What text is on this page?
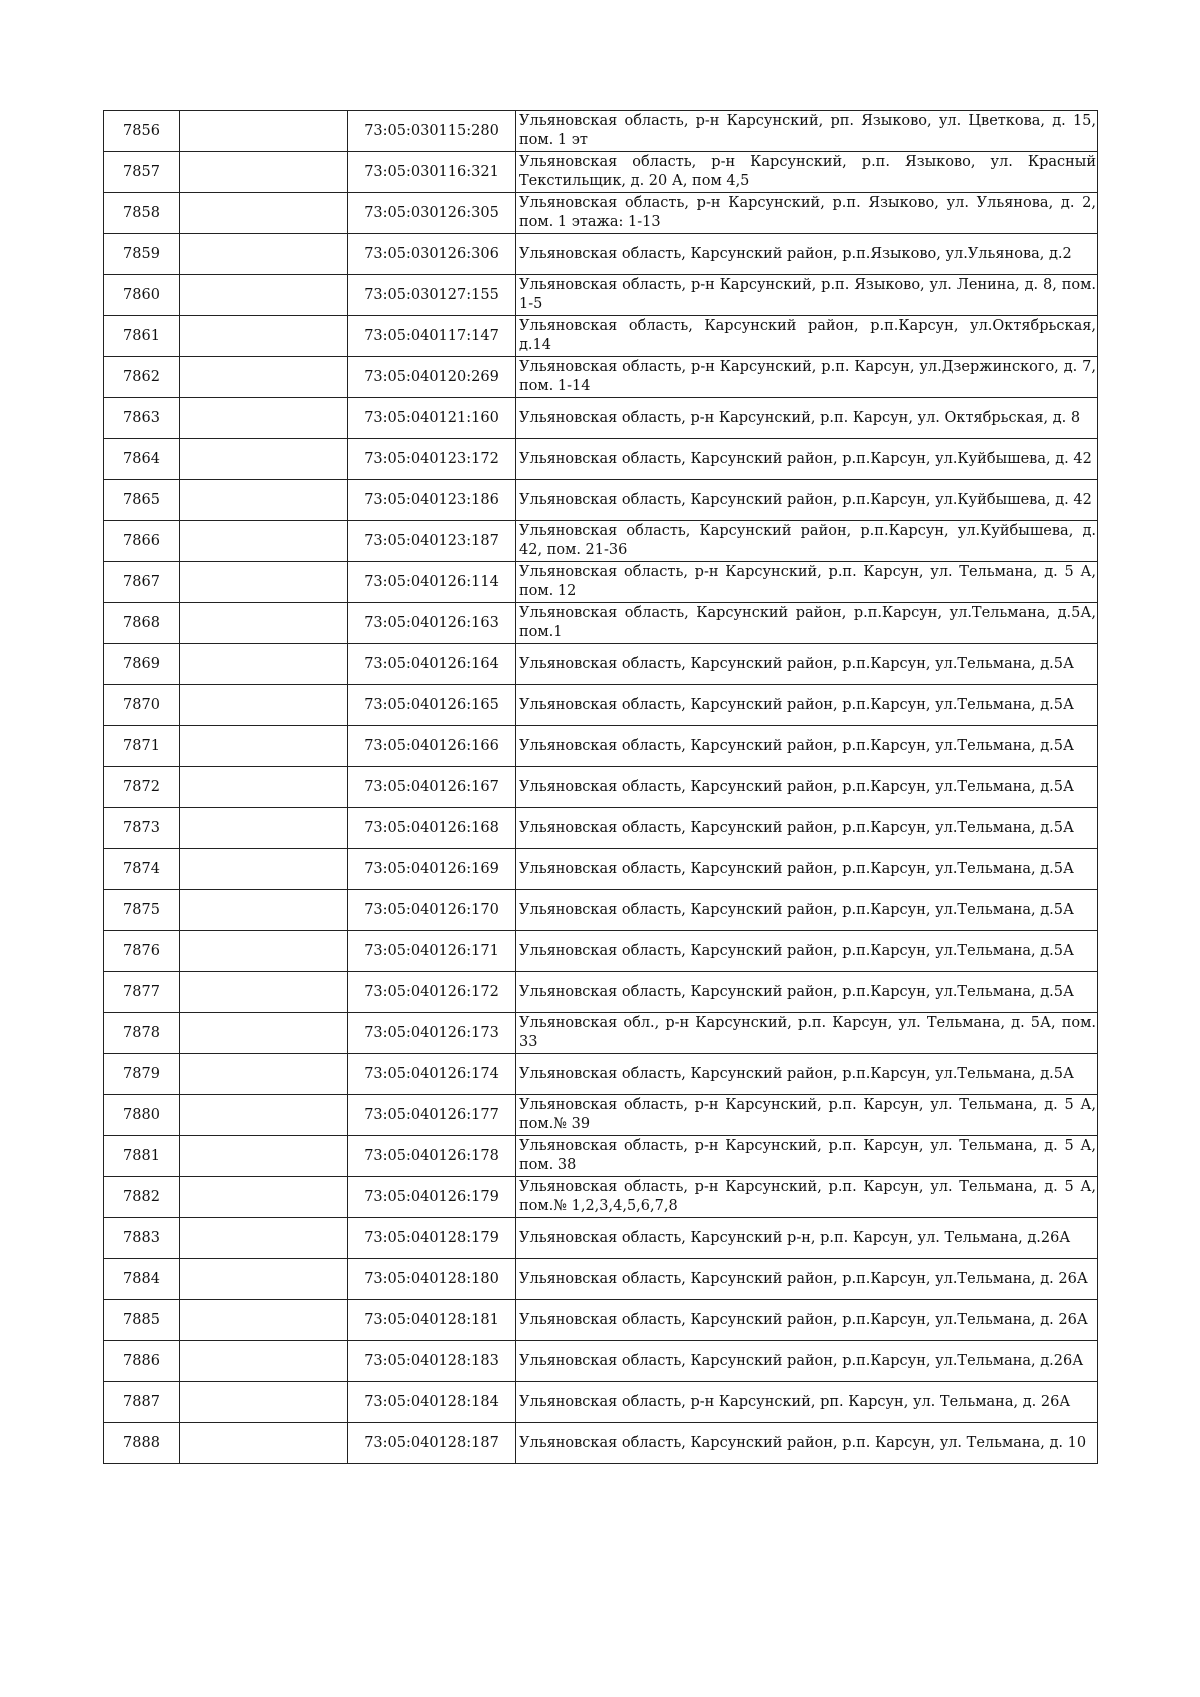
7856		73:05:030115:280	Ульяновская область, р-н Карсунский, рп. Языково, ул. Цветкова, д. 15, пом. 1 эт
7857		73:05:030116:321	Ульяновская область, р-н Карсунский, р.п. Языково, ул. Красный Текстильщик, д. 20 А, пом 4,5
7858		73:05:030126:305	Ульяновская область, р-н Карсунский, р.п. Языково, ул. Ульянова, д. 2, пом. 1 этажа: 1-13
7859		73:05:030126:306	Ульяновская область, Карсунский район, р.п.Языково, ул.Ульянова, д.2
7860		73:05:030127:155	Ульяновская область, р-н Карсунский, р.п. Языково, ул. Ленина, д. 8, пом. 1-5
7861		73:05:040117:147	Ульяновская область, Карсунский район, р.п.Карсун, ул.Октябрьская, д.14
7862		73:05:040120:269	Ульяновская область, р-н Карсунский, р.п. Карсун, ул.Дзержинского, д. 7, пом. 1-14
7863		73:05:040121:160	Ульяновская область, р-н Карсунский, р.п. Карсун, ул. Октябрьская, д. 8
7864		73:05:040123:172	Ульяновская область, Карсунский район, р.п.Карсун, ул.Куйбышева, д. 42
7865		73:05:040123:186	Ульяновская область, Карсунский район, р.п.Карсун, ул.Куйбышева, д. 42
7866		73:05:040123:187	Ульяновская область, Карсунский район, р.п.Карсун, ул.Куйбышева, д. 42, пом. 21-36
7867		73:05:040126:114	Ульяновская область, р-н Карсунский, р.п. Карсун, ул. Тельмана, д. 5 А, пом. 12
7868		73:05:040126:163	Ульяновская область, Карсунский район, р.п.Карсун, ул.Тельмана, д.5А, пом.1
7869		73:05:040126:164	Ульяновская область, Карсунский район, р.п.Карсун, ул.Тельмана, д.5А
7870		73:05:040126:165	Ульяновская область, Карсунский район, р.п.Карсун, ул.Тельмана, д.5А
7871		73:05:040126:166	Ульяновская область, Карсунский район, р.п.Карсун, ул.Тельмана, д.5А
7872		73:05:040126:167	Ульяновская область, Карсунский район, р.п.Карсун, ул.Тельмана, д.5А
7873		73:05:040126:168	Ульяновская область, Карсунский район, р.п.Карсун, ул.Тельмана, д.5А
7874		73:05:040126:169	Ульяновская область, Карсунский район, р.п.Карсун, ул.Тельмана, д.5А
7875		73:05:040126:170	Ульяновская область, Карсунский район, р.п.Карсун, ул.Тельмана, д.5А
7876		73:05:040126:171	Ульяновская область, Карсунский район, р.п.Карсун, ул.Тельмана, д.5А
7877		73:05:040126:172	Ульяновская область, Карсунский район, р.п.Карсун, ул.Тельмана, д.5А
7878		73:05:040126:173	Ульяновская обл., р-н Карсунский, р.п. Карсун, ул. Тельмана, д. 5А, пом. 33
7879		73:05:040126:174	Ульяновская область, Карсунский район, р.п.Карсун, ул.Тельмана, д.5А
7880		73:05:040126:177	Ульяновская область, р-н Карсунский, р.п. Карсун, ул. Тельмана, д. 5 А, пом.№ 39
7881		73:05:040126:178	Ульяновская область, р-н Карсунский, р.п. Карсун, ул. Тельмана, д. 5 А, пом. 38
7882		73:05:040126:179	Ульяновская область, р-н Карсунский, р.п. Карсун, ул. Тельмана, д. 5 А, пом.№ 1,2,3,4,5,6,7,8
7883		73:05:040128:179	Ульяновская область, Карсунский р-н, р.п. Карсун, ул. Тельмана, д.26А
7884		73:05:040128:180	Ульяновская область, Карсунский район, р.п.Карсун, ул.Тельмана, д. 26А
7885		73:05:040128:181	Ульяновская область, Карсунский район, р.п.Карсун, ул.Тельмана, д. 26А
7886		73:05:040128:183	Ульяновская область, Карсунский район, р.п.Карсун, ул.Тельмана, д.26А
7887		73:05:040128:184	Ульяновская область, р-н Карсунский, рп. Карсун, ул. Тельмана, д. 26А
7888		73:05:040128:187	Ульяновская область, Карсунский район, р.п. Карсун, ул. Тельмана, д. 10
